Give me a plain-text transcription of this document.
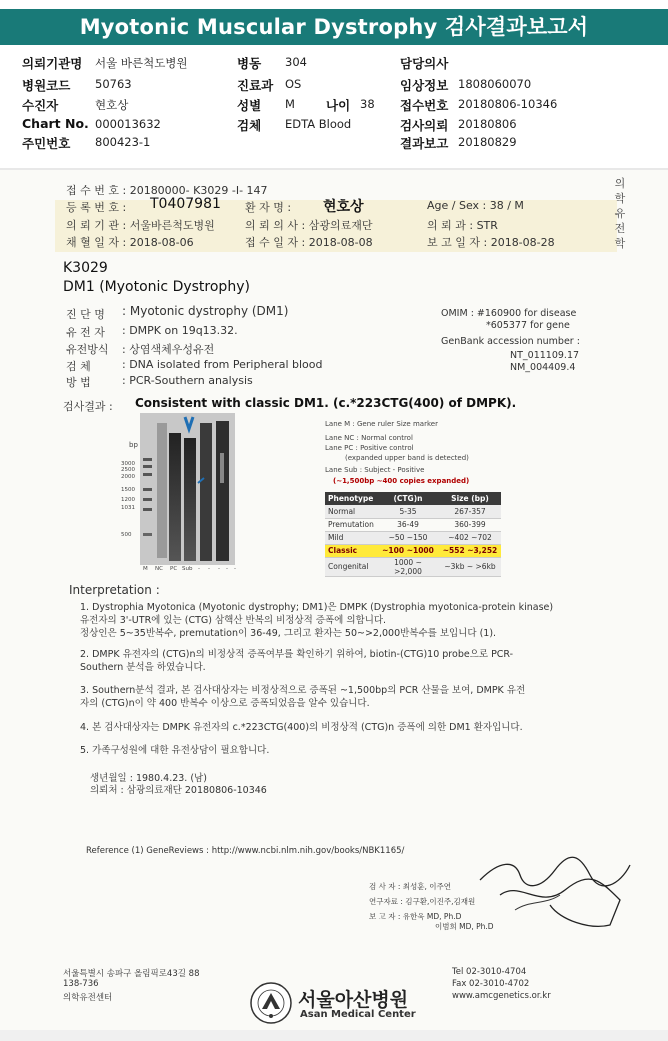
Myotonic Muscular Dystrophy 검사결과보고서
의뢰기관명 서울 바른척도병원
병원코드 50763
수진자	현호상
Chart No. 000013632
주민번호 800423-1
병동 304
진료과 OS
성별 M 나이 38
검체 EDTA Blood
담당의사
임상정보 1808060070
접수번호 20180806-10346
검사의뢰 20180806
결과보고 20180829
접 수 번 호 : 20180000- K3029 -I- 147
등 록 번 호 : T0407981 환 자 명 : 현호상	Age / Sex : 38 / M
의 뢰 기 관 : 서울바른척도병원	의 뢰 의 사 : 삼광의료재단	의 뢰 과 : STR
채 혈 일 자 : 2018-08-06	접 수 일 자 : 2018-08-08	보 고 일 자 : 2018-08-28
의
학
유
전
학
K3029
DM1 (Myotonic Dystrophy)
진 단 명 : Myotonic dystrophy (DM1)
유 전 자 : DMPK on 19q13.32.
유전방식 : 상염색체우성유전
검 체	: DNA isolated from Peripheral blood
방 법	: PCR-Southern analysis
OMIM : #160900 for disease
*605377 for gene
GenBank accession number :
NT_011109.17
NM_004409.4
검사결과 : Consistent with classic DM1. (c.*223CTG(400) of DMPK).
bp
3000
2500
2000
1500
1200
1031
500
M NC PC Sub - - - - -
Lane M : Gene ruler Size marker
Lane NC : Normal control
Lane PC : Positive control
(expanded upper band is detected)
Lane Sub : Subject - Positive
(~1,500bp ~400 copies expanded)
Phenotype	(CTG)n	Size (bp)
Normal	5-35	267-357
Premutation	36-49	360-399
Mild	~50 ~150	~402 ~702
Classic	~100 ~1000	~552 ~3,252
Congenital	1000 ~ >2,000	~3kb ~ >6kb
Interpretation :
1. Dystrophia Myotonica (Myotonic dystrophy; DM1)은 DMPK (Dystrophia myotonica-protein kinase)
유전자의 3'-UTR에 있는 (CTG) 삼핵산 반복의 비정상적 증폭에 의합니다.
정상인은 5~35반복수, premutation이 36-49, 그리고 환자는 50~>2,000반복수를 보입니다 (1).
2. DMPK 유전자의 (CTG)n의 비정상적 증폭여부를 확인하기 위하여, biotin-(CTG)10 probe으로 PCR-
Southern 분석을 하였습니다.
3. Southern분석 결과, 본 검사대상자는 비정상적으로 증폭된 ~1,500bp의 PCR 산물을 보여, DMPK 유전
자의 (CTG)n이 약 400 반복수 이상으로 증폭되었음을 알수 있습니다.
4. 본 검사대상자는 DMPK 유전자의 c.*223CTG(400)의 비정상적 (CTG)n 증폭에 의한 DM1 환자입니다.
5. 가족구성원에 대한 유전상담이 필요합니다.
생년월일 : 1980.4.23. (남)
의뢰처 : 삼광의료재단 20180806-10346
Reference (1) GeneReviews : http://www.ncbi.nlm.nih.gov/books/NBK1165/
검 사 자 : 최성훈, 이주연
연구자료 : 김구환,이진주,김재원
보 고 자 : 유한욱 MD, Ph.D
이범희 MD, Ph.D
서울특별시 송파구 올림픽로43길 88
138-736
의학유전센터	서울아산병원
Asan Medical Center
Tel 02-3010-4704
Fax 02-3010-4702
www.amcgenetics.or.kr
